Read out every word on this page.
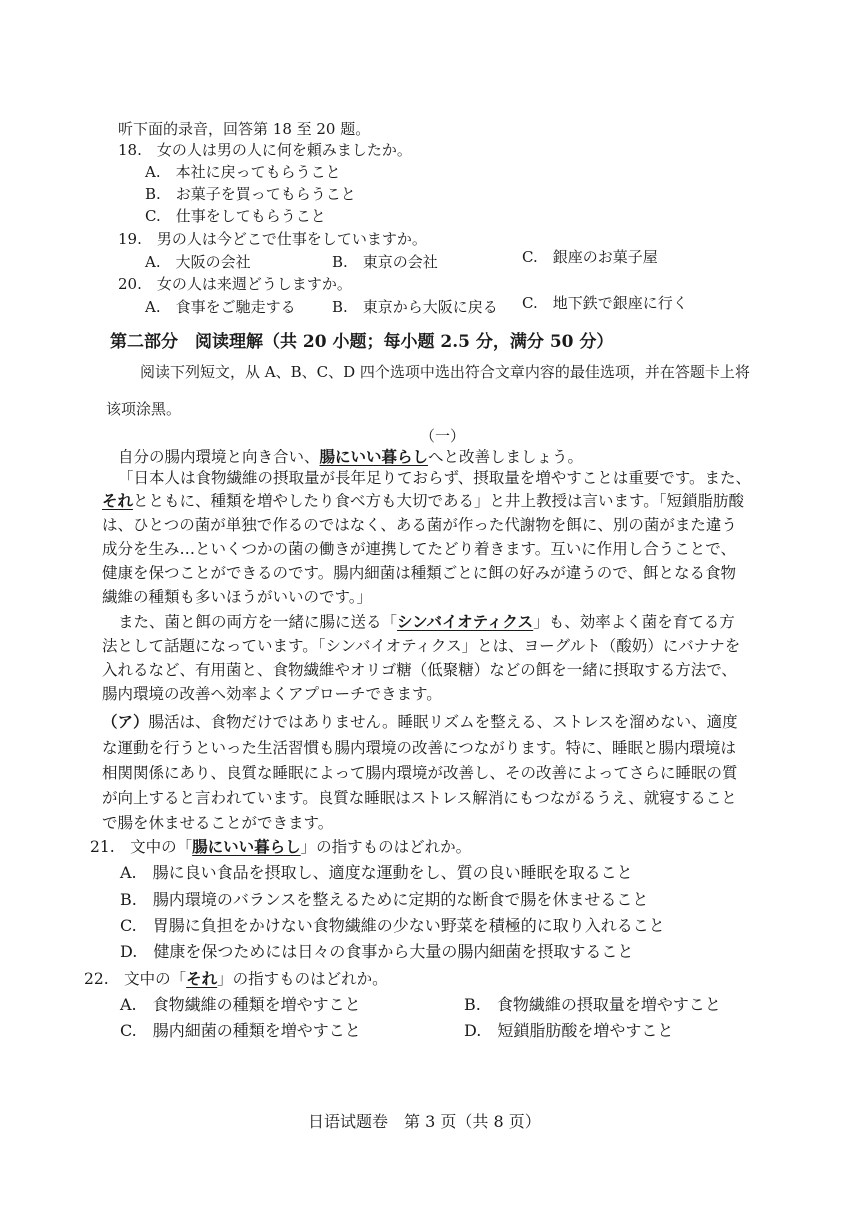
听下面的录音，回答第 18 至 20 题。
18.　女の人は男の人に何を頼みましたか。
A.　本社に戻ってもらうこと
B.　お菓子を買ってもらうこと
C.　仕事をしてもらうこと
19.　男の人は今どこで仕事をしていますか。
A.　大阪の会社	B.　東京の会社	C.　銀座のお菓子屋
20.　女の人は来週どうしますか。
A.　食事をご馳走する B.　東京から大阪に戻る C.　地下鉄で銀座に行く
第二部分　阅读理解（共 20 小题；每小题 2.5 分，满分 50 分）
阅读下列短文，从 A、B、C、D 四个选项中选出符合文章内容的最佳选项，并在答题卡上将
该项涂黑。
（一）
自分の腸内環境と向き合い、腸にいい暮らしへと改善しましょう。
「日本人は食物繊維の摂取量が長年足りておらず、摂取量を増やすことは重要です。また、
それとともに、種類を増やしたり食べ方も大切である」と井上教授は言います。「短鎖脂肪酸
は、ひとつの菌が単独で作るのではなく、ある菌が作った代謝物を餌に、別の菌がまた違う
成分を生み…といくつかの菌の働きが連携してたどり着きます。互いに作用し合うことで、
健康を保つことができるのです。腸内細菌は種類ごとに餌の好みが違うので、餌となる食物
繊維の種類も多いほうがいいのです。」
また、菌と餌の両方を一緒に腸に送る「シンバイオティクス」も、効率よく菌を育てる方
法として話題になっています。「シンバイオティクス」とは、ヨーグルト（酸奶）にバナナを
入れるなど、有用菌と、食物繊維やオリゴ糖（低聚糖）などの餌を一緒に摂取する方法で、
腸内環境の改善へ効率よくアプローチできます。
（ア）腸活は、食物だけではありません。睡眠リズムを整える、ストレスを溜めない、適度
な運動を行うといった生活習慣も腸内環境の改善につながります。特に、睡眠と腸内環境は
相関関係にあり、良質な睡眠によって腸内環境が改善し、その改善によってさらに睡眠の質
が向上すると言われています。良質な睡眠はストレス解消にもつながるうえ、就寝すること
で腸を休ませることができます。
21.　文中の「腸にいい暮らし」の指すものはどれか。
A.　腸に良い食品を摂取し、適度な運動をし、質の良い睡眠を取ること
B.　腸内環境のバランスを整えるために定期的な断食で腸を休ませること
C.　胃腸に負担をかけない食物繊維の少ない野菜を積極的に取り入れること
D.　健康を保つためには日々の食事から大量の腸内細菌を摂取すること
22.　文中の「それ」の指すものはどれか。
A.　食物繊維の種類を増やすこと	B.　食物繊維の摂取量を増やすこと
C.　腸内細菌の種類を増やすこと	D.　短鎖脂肪酸を増やすこと
日语试题卷　第 3 页（共 8 页）
